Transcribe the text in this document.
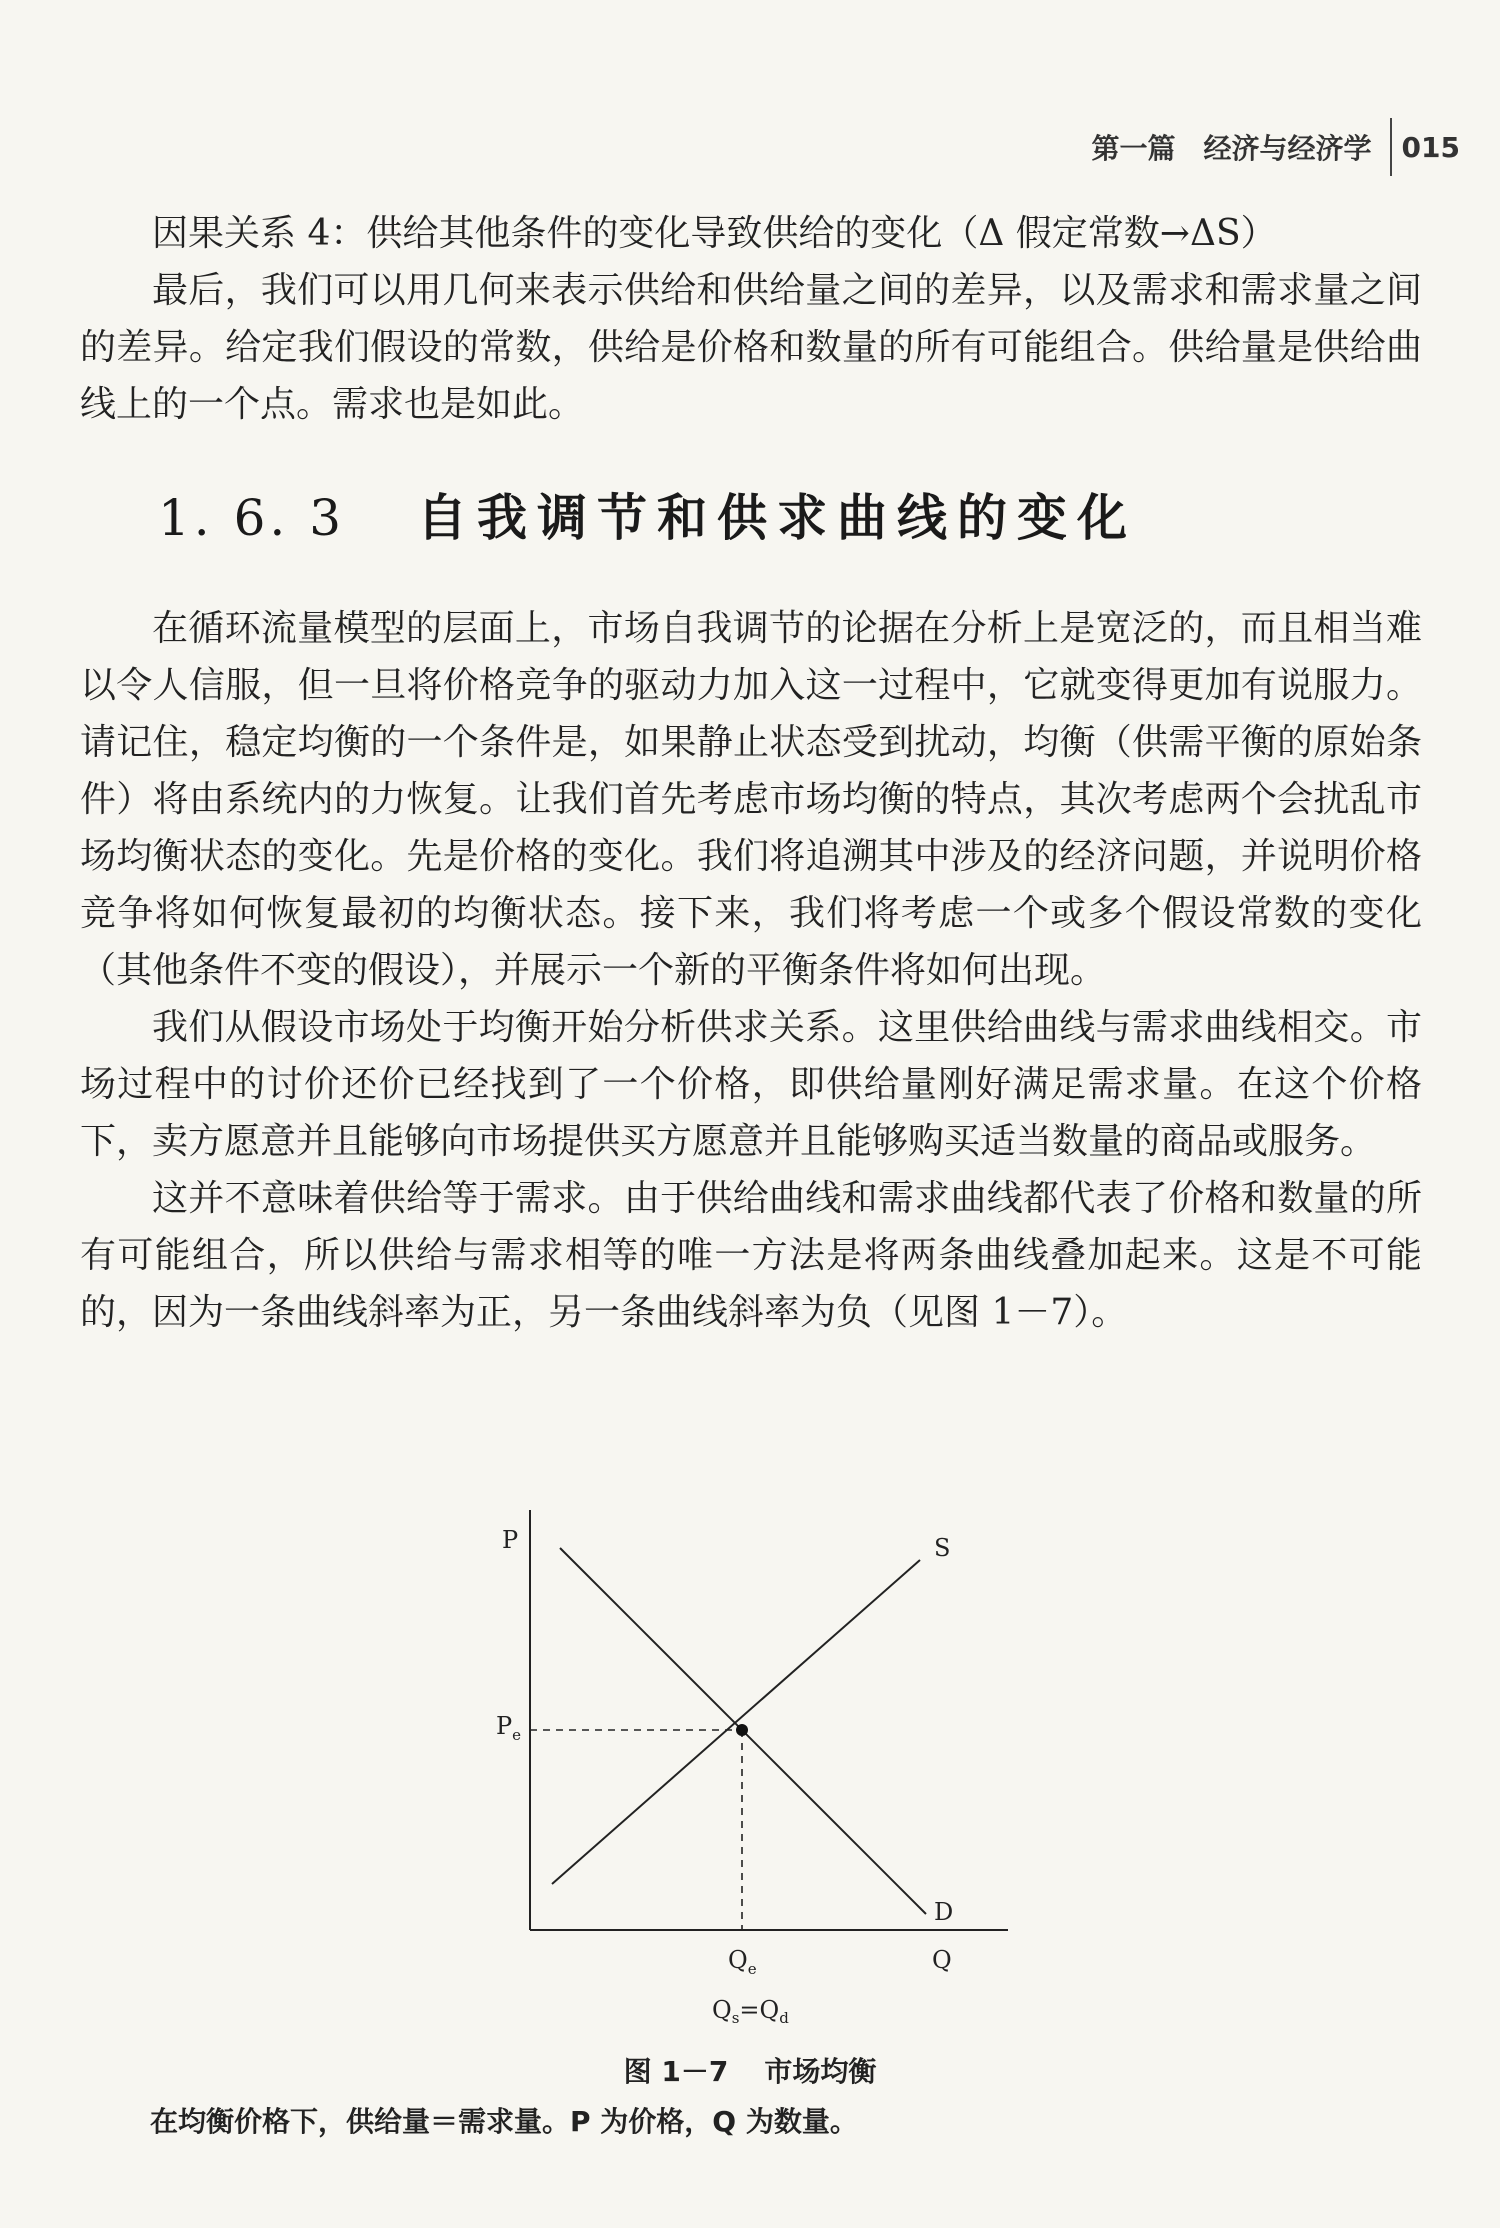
第一篇　经济与经济学 015

因果关系 4：供给其他条件的变化导致供给的变化（Δ 假定常数→ΔS）

最后，我们可以用几何来表示供给和供给量之间的差异，以及需求和需求量之间的差异。给定我们假设的常数，供给是价格和数量的所有可能组合。供给量是供给曲线上的一个点。需求也是如此。

1. 6. 3 自我调节和供求曲线的变化

在循环流量模型的层面上，市场自我调节的论据在分析上是宽泛的，而且相当难以令人信服，但一旦将价格竞争的驱动力加入这一过程中，它就变得更加有说服力。请记住，稳定均衡的一个条件是，如果静止状态受到扰动，均衡（供需平衡的原始条件）将由系统内的力恢复。让我们首先考虑市场均衡的特点，其次考虑两个会扰乱市场均衡状态的变化。先是价格的变化。我们将追溯其中涉及的经济问题，并说明价格竞争将如何恢复最初的均衡状态。接下来，我们将考虑一个或多个假设常数的变化（其他条件不变的假设），并展示一个新的平衡条件将如何出现。

我们从假设市场处于均衡开始分析供求关系。这里供给曲线与需求曲线相交。市场过程中的讨价还价已经找到了一个价格，即供给量刚好满足需求量。在这个价格下，卖方愿意并且能够向市场提供买方愿意并且能够购买适当数量的商品或服务。

这并不意味着供给等于需求。由于供给曲线和需求曲线都代表了价格和数量的所有可能组合，所以供给与需求相等的唯一方法是将两条曲线叠加起来。这是不可能的，因为一条曲线斜率为正，另一条曲线斜率为负（见图 1－7）。

P	S
D
Q
$P_e$
$Q_e$
$Q_s=Q_d$
图 1－7 市场均衡
在均衡价格下，供给量＝需求量。P 为价格，Q 为数量。
